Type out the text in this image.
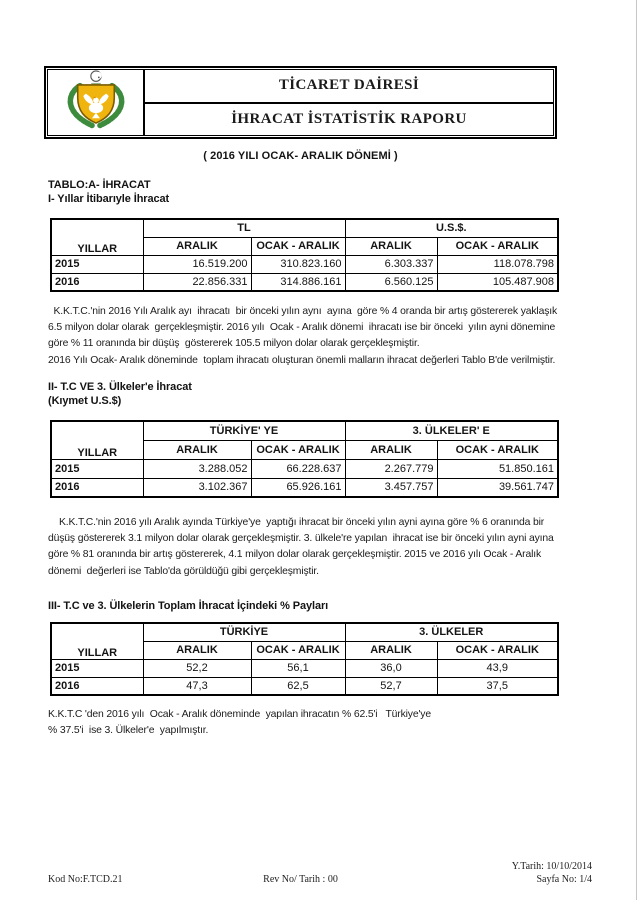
TİCARET DAİRESİ
İHRACAT İSTATİSTİK RAPORU
( 2016 YILI OCAK- ARALIK DÖNEMİ )
TABLO:A- İHRACAT
I- Yıllar İtibarıyle İhracat
YILLAR	TL		U.S.$.	
	ARALIK	OCAK - ARALIK	ARALIK	OCAK - ARALIK
2015	16.519.200	310.823.160	6.303.337	118.078.798
2016	22.856.331	314.886.161	6.560.125	105.487.908
K.K.T.C.'nin 2016 Yılı Aralık ayı  ihracatı  bir önceki yılın aynı  ayına  göre % 4 oranda bir artış göstererek yaklaşık
6.5 milyon dolar olarak  gerçekleşmiştir. 2016 yılı  Ocak - Aralık dönemi  ihracatı ise bir önceki  yılın ayni dönemine
göre % 11 oranında bir düşüş  göstererek 105.5 milyon dolar olarak gerçekleşmiştir.
2016 Yılı Ocak- Aralık döneminde  toplam ihracatı oluşturan önemli malların ihracat değerleri Tablo B'de verilmiştir.
II- T.C VE 3. Ülkeler'e İhracat
(Kıymet U.S.$)
YILLAR	TÜRKİYE' YE		3. ÜLKELER' E	
	ARALIK	OCAK - ARALIK	ARALIK	OCAK - ARALIK
2015	3.288.052	66.228.637	2.267.779	51.850.161
2016	3.102.367	65.926.161	3.457.757	39.561.747
K.K.T.C.'nin 2016 yılı Aralık ayında Türkiye'ye  yaptığı ihracat bir önceki yılın ayni ayına göre % 6 oranında bir
düşüş göstererek 3.1 milyon dolar olarak gerçekleşmiştir. 3. ülkele're yapılan  ihracat ise bir önceki yılın ayni ayına
göre % 81 oranında bir artış göstererek, 4.1 milyon dolar olarak gerçekleşmiştir. 2015 ve 2016 yılı Ocak - Aralık
dönemi  değerleri ise Tablo'da görüldüğü gibi gerçekleşmiştir.
III- T.C ve 3. Ülkelerin Toplam İhracat İçindeki % Payları
YILLAR	TÜRKİYE		3. ÜLKELER	
	ARALIK	OCAK - ARALIK	ARALIK	OCAK - ARALIK
2015	52,2	56,1	36,0	43,9
2016	47,3	62,5	52,7	37,5
K.K.T.C 'den 2016 yılı  Ocak - Aralık döneminde  yapılan ihracatın % 62.5'i   Türkiye'ye
% 37.5'i  ise 3. Ülkeler'e  yapılmıştır.
Kod No:F.TCD.21	Rev No/ Tarih : 00
Y.Tarih: 10/10/2014
Sayfa No: 1/4
